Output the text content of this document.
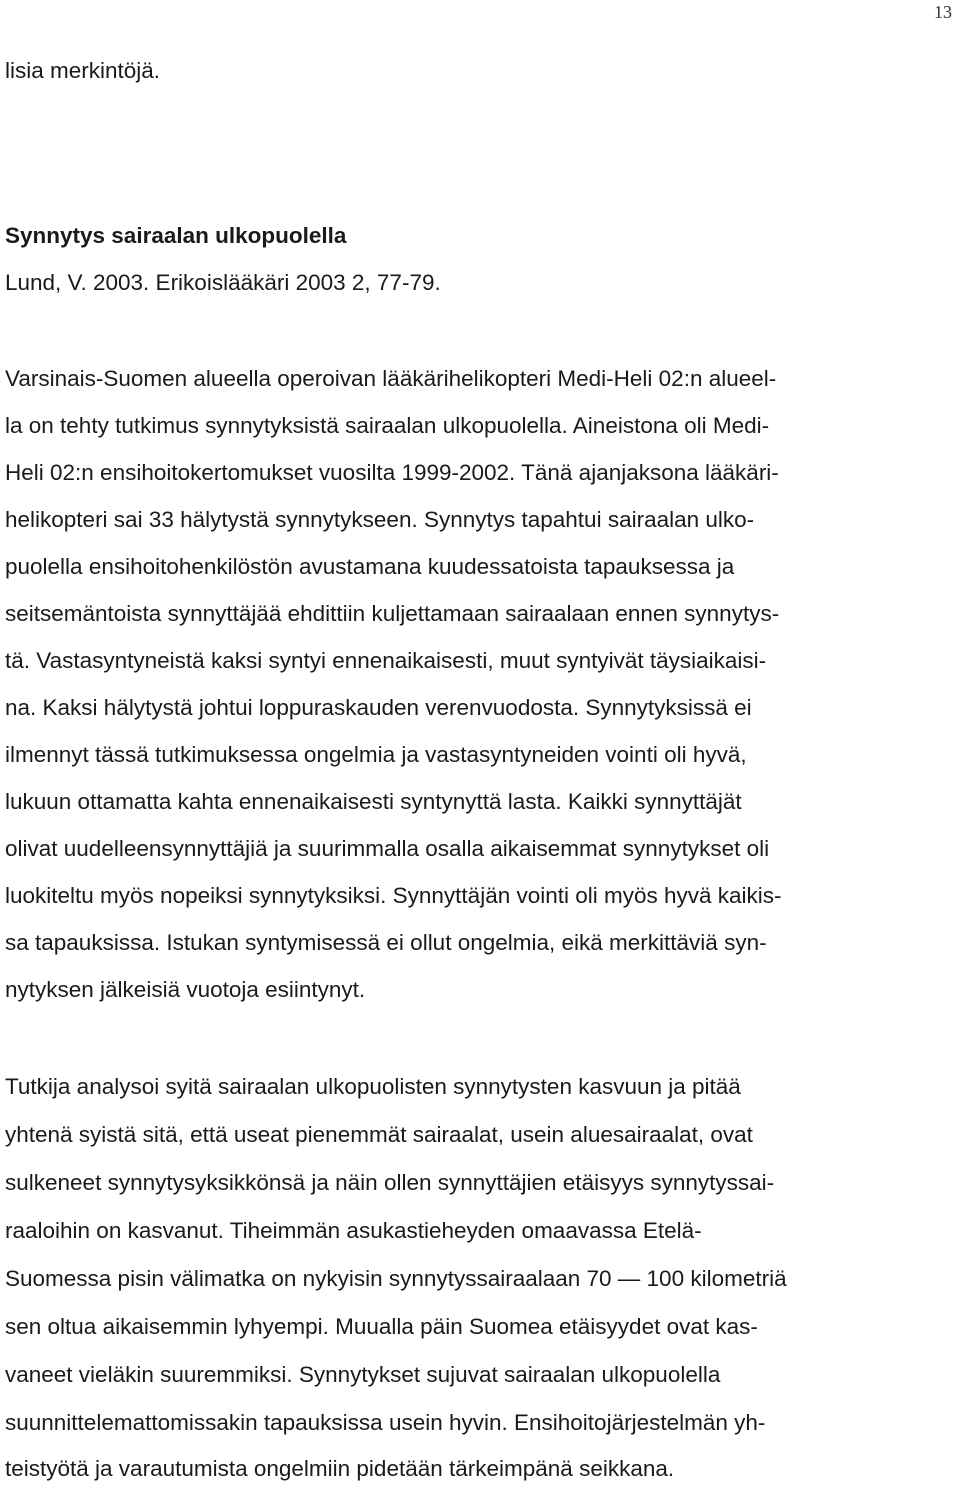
13
lisia merkintöjä.
Synnytys sairaalan ulkopuolella
Lund, V. 2003. Erikoislääkäri 2003 2, 77-79.
Varsinais-Suomen alueella operoivan lääkärihelikopteri Medi-Heli 02:n alueel-
la on tehty tutkimus synnytyksistä sairaalan ulkopuolella. Aineistona oli Medi-
Heli 02:n ensihoitokertomukset vuosilta 1999-2002. Tänä ajanjaksona lääkäri-
helikopteri sai 33 hälytystä synnytykseen. Synnytys tapahtui sairaalan ulko-
puolella ensihoitohenkilöstön avustamana kuudessatoista tapauksessa ja
seitsemäntoista synnyttäjää ehdittiin kuljettamaan sairaalaan ennen synnytys-
tä. Vastasyntyneistä kaksi syntyi ennenaikaisesti, muut syntyivät täysiaikaisi-
na. Kaksi hälytystä johtui loppuraskauden verenvuodosta. Synnytyksissä ei
ilmennyt tässä tutkimuksessa ongelmia ja vastasyntyneiden vointi oli hyvä,
lukuun ottamatta kahta ennenaikaisesti syntynyttä lasta. Kaikki synnyttäjät
olivat uudelleensynnyttäjiä ja suurimmalla osalla aikaisemmat synnytykset oli
luokiteltu myös nopeiksi synnytyksiksi. Synnyttäjän vointi oli myös hyvä kaikis-
sa tapauksissa. Istukan syntymisessä ei ollut ongelmia, eikä merkittäviä syn-
nytyksen jälkeisiä vuotoja esiintynyt.
Tutkija analysoi syitä sairaalan ulkopuolisten synnytysten kasvuun ja pitää
yhtenä syistä sitä, että useat pienemmät sairaalat, usein aluesairaalat, ovat
sulkeneet synnytysyksikkönsä ja näin ollen synnyttäjien etäisyys synnytyssai-
raaloihin on kasvanut. Tiheimmän asukastieheyden omaavassa Etelä-
Suomessa pisin välimatka on nykyisin synnytyssairaalaan 70 — 100 kilometriä
sen oltua aikaisemmin lyhyempi. Muualla päin Suomea etäisyydet ovat kas-
vaneet vieläkin suuremmiksi. Synnytykset sujuvat sairaalan ulkopuolella
suunnittelemattomissakin tapauksissa usein hyvin. Ensihoitojärjestelmän yh-
teistyötä ja varautumista ongelmiin pidetään tärkeimpänä seikkana.
